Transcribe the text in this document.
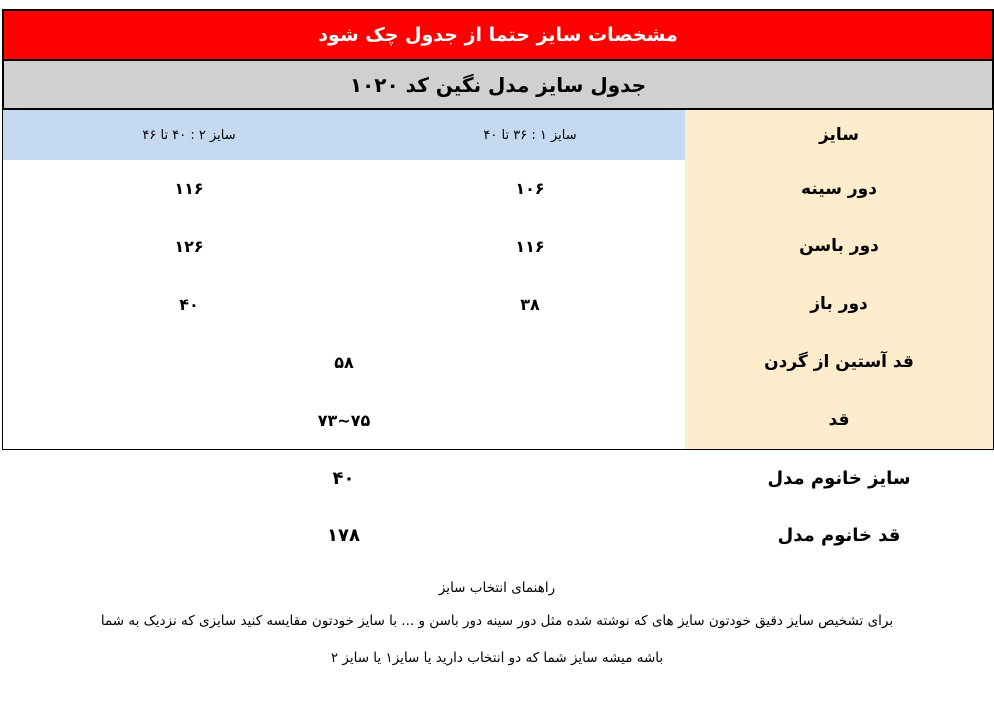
مشخصات سایز حتما از جدول چک شود
جدول سایز مدل نگین کد ۱۰۲۰
سایز
سایز ۱ : ۳۶ تا ۴۰
سایز ۲ : ۴۰ تا ۴۶
دور سینه
۱۰۶
۱۱۶
دور باسن
۱۱۶
۱۲۶
دور باز
۳۸
۴۰
قد آستین از گردن
۵۸
قد
۷۵~۷۳
سایز خانوم مدل
۴۰
قد خانوم مدل
۱۷۸
راهنمای انتخاب سایز
برای تشخیص سایز دقیق خودتون سایز های که نوشته شده مثل دور سینه دور باسن و ... با سایز خودتون مقایسه کنید سایزی که نزدیک به شما
باشه میشه سایز شما که دو انتخاب دارید یا سایز۱ یا سایز ۲
